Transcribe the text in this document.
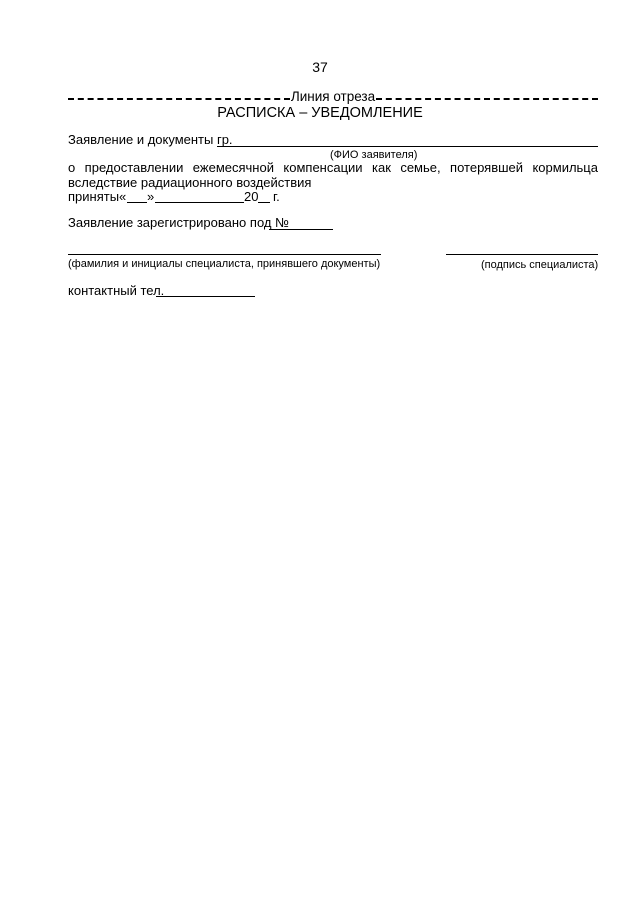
37
Линия отреза
РАСПИСКА – УВЕДОМЛЕНИЕ
Заявление и документы гр.
(ФИО заявителя)
о предоставлении ежемесячной компенсации как семье, потерявшей кормильца вследствие радиационного воздействия
приняты « »	20 г.
Заявление зарегистрировано под №
(фамилия и инициалы специалиста, принявшего документы)	(подпись специалиста)
контактный тел.
